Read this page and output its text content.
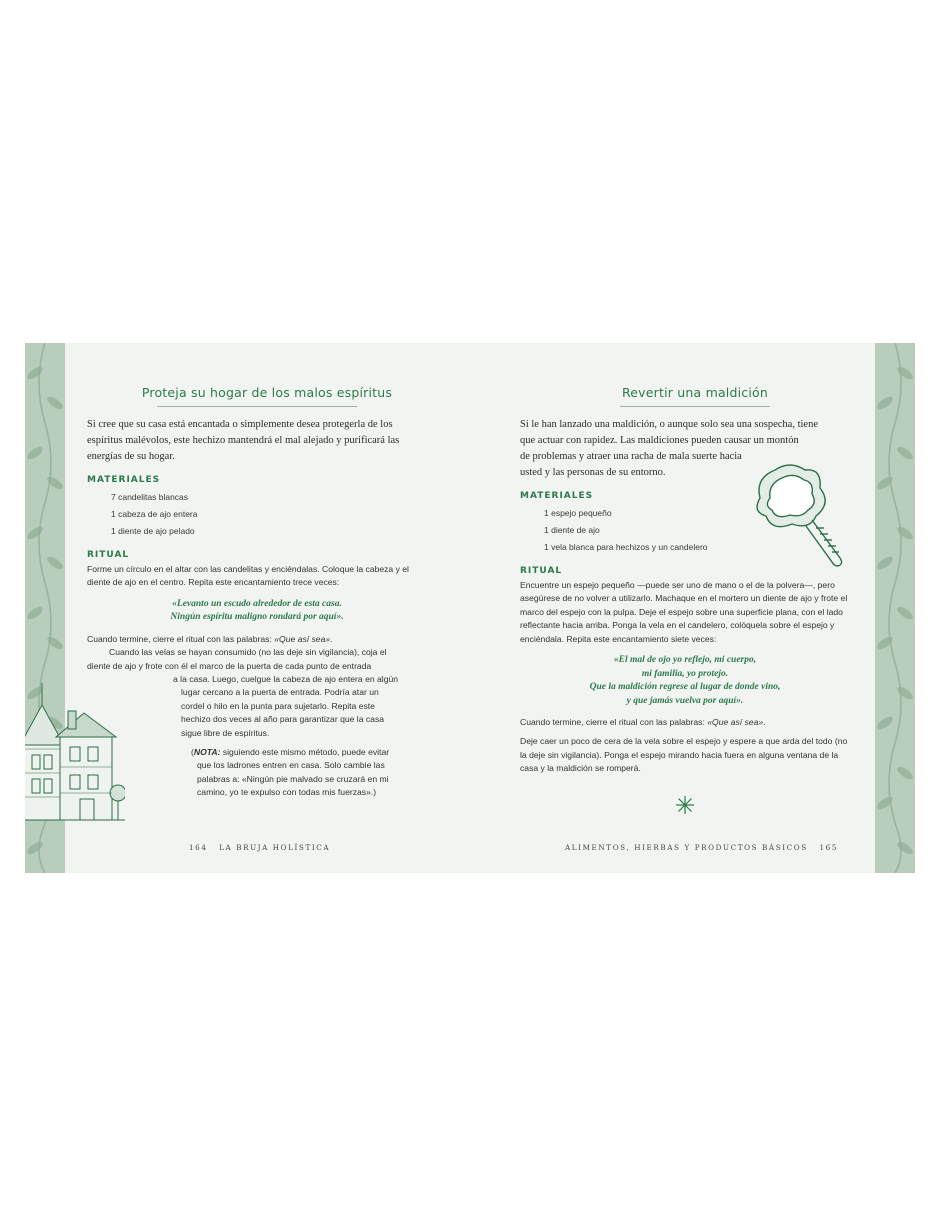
Proteja su hogar de los malos espíritus
Si cree que su casa está encantada o simplemente desea protegerla de los espíritus malévolos, este hechizo mantendrá el mal alejado y purificará las energías de su hogar.
MATERIALES
7 candelitas blancas
1 cabeza de ajo entera
1 diente de ajo pelado
RITUAL
Forme un círculo en el altar con las candelitas y enciéndalas. Coloque la cabeza y el diente de ajo en el centro. Repita este encantamiento trece veces:
«Levanto un escudo alrededor de esta casa.
Ningún espíritu maligno rondará por aquí».
Cuando termine, cierre el ritual con las palabras: «Que así sea».
Cuando las velas se hayan consumido (no las deje sin vigilancia), coja el
diente de ajo y frote con él el marco de la puerta de cada punto de entrada
a la casa. Luego, cuelgue la cabeza de ajo entera en algún
lugar cercano a la puerta de entrada. Podría atar un
cordel o hilo en la punta para sujetarlo. Repita este
hechizo dos veces al año para garantizar que la casa
sigue libre de espíritus.
(NOTA: siguiendo este mismo método, puede evitar
que los ladrones entren en casa. Solo cambie las
palabras a: «Ningún pie malvado se cruzará en mi
camino, yo te expulso con todas mis fuerzas».)
164 LA BRUJA HOLÍSTICA
Revertir una maldición
Si le han lanzado una maldición, o aunque solo sea una sospecha, tiene
que actuar con rapidez. Las maldiciones pueden causar un montón
de problemas y atraer una racha de mala suerte hacia
usted y las personas de su entorno.
MATERIALES
1 espejo pequeño
1 diente de ajo
1 vela blanca para hechizos y un candelero
RITUAL
Encuentre un espejo pequeño —puede ser uno de mano o el de la polvera—, pero asegúrese de no volver a utilizarlo. Machaque en el mortero un diente de ajo y frote el marco del espejo con la pulpa. Deje el espejo sobre una superficie plana, con el lado reflectante hacia arriba. Ponga la vela en el candelero, colóquela sobre el espejo y enciéndala. Repita este encantamiento siete veces:
«El mal de ojo yo reflejo, mi cuerpo,
mi familia, yo protejo.
Que la maldición regrese al lugar de donde vino,
y que jamás vuelva por aquí».
Cuando termine, cierre el ritual con las palabras: «Que así sea».
Deje caer un poco de cera de la vela sobre el espejo y espere a que arda del todo (no la deje sin vigilancia). Ponga el espejo mirando hacia fuera en alguna ventana de la casa y la maldición se romperá.
ALIMENTOS, HIERBAS Y PRODUCTOS BÁSICOS 165
